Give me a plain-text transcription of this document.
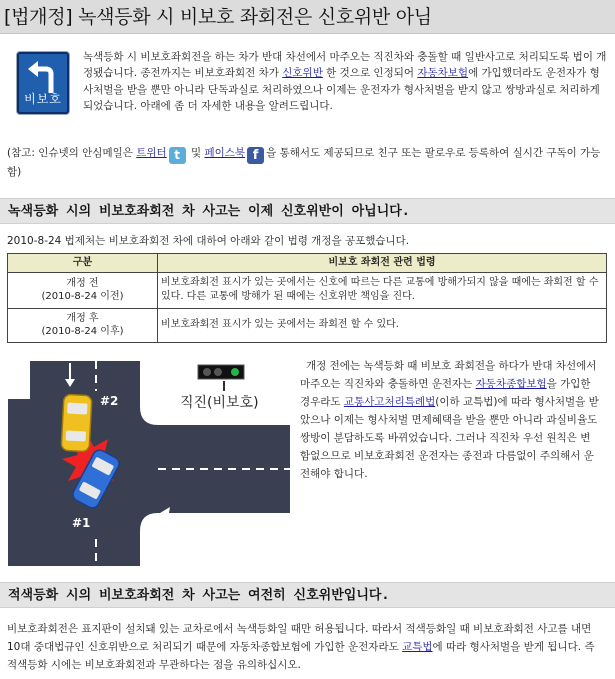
[법개정] 녹색등화 시 비보호 좌회전은 신호위반 아님

녹색등화 시 비보호좌회전을 하는 차가 반대 차선에서 마주오는 직진차와 충돌할 때 일반사고로 처리되도록 법이 개정됐습니다. 종전까지는 비보호좌회전 차가 신호위반 한 것으로 인정되어 자동차보험에 가입했더라도 운전자가 형사처벌을 받을 뿐만 아니라 단독과실로 처리하였으나 이제는 운전자가 형사처벌을 받지 않고 쌍방과실로 처리하게 되었습니다. 아래에 좀 더 자세한 내용을 알려드립니다.

비보호
(참고: 인슈넷의 안심메일은 트위터 t 및 페이스북 f 을 통해서도 제공되므로 친구 또는 팔로우로 등록하여 실시간 구독이 가능함)
녹색등화 시의 비보호좌회전 차 사고는 이제 신호위반이 아닙니다.
2010-8-24 법제처는 비보호좌회전 차에 대하여 아래와 같이 법령 개정을 공포했습니다.
구분	비보호 좌회전 관련 법령

개정 전
(2010-8-24 이전)	비보호좌회전 표시가 있는 곳에서는 신호에 따르는 다른 교통에 방해가되지 않을 때에는 좌회전 할 수 있다. 다른 교통에 방해가 된 때에는 신호위반 책임을 진다.

개정 후
(2010-8-24 이후)	비보호좌회전 표시가 있는 곳에서는 좌회전 할 수 있다.
#2
#1
직진(비보호)

개정 전에는 녹색등화 때 비보호 좌회전을 하다가 반대 차선에서 마주오는 직진차와 충돌하면 운전자는 자동차종합보험을 가입한 경우라도 교통사고처리특례법(이하 교특법)에 따라 형사처벌을 받았으나 이제는 형사처벌 면제혜택을 받을 뿐만 아니라 과실비율도 쌍방이 분담하도록 바뀌었습니다. 그러나 직진차 우선 원칙은 변함없으므로 비보호좌회전 운전자는 종전과 다름없이 주의해서 운전해야 합니다.

적색등화 시의 비보호좌회전 차 사고는 여전히 신호위반입니다.
비보호좌회전은 표지판이 설치돼 있는 교차로에서 녹색등화일 때만 허용됩니다. 따라서 적색등화일 때 비보호좌회전 사고를 내면 10대 중대법규인 신호위반으로 처리되기 때문에 자동차종합보험에 가입한 운전자라도 교특법에 따라 형사처벌을 받게 됩니다. 즉 적색등화 시에는 비보호좌회전과 무관하다는 점을 유의하십시오.
